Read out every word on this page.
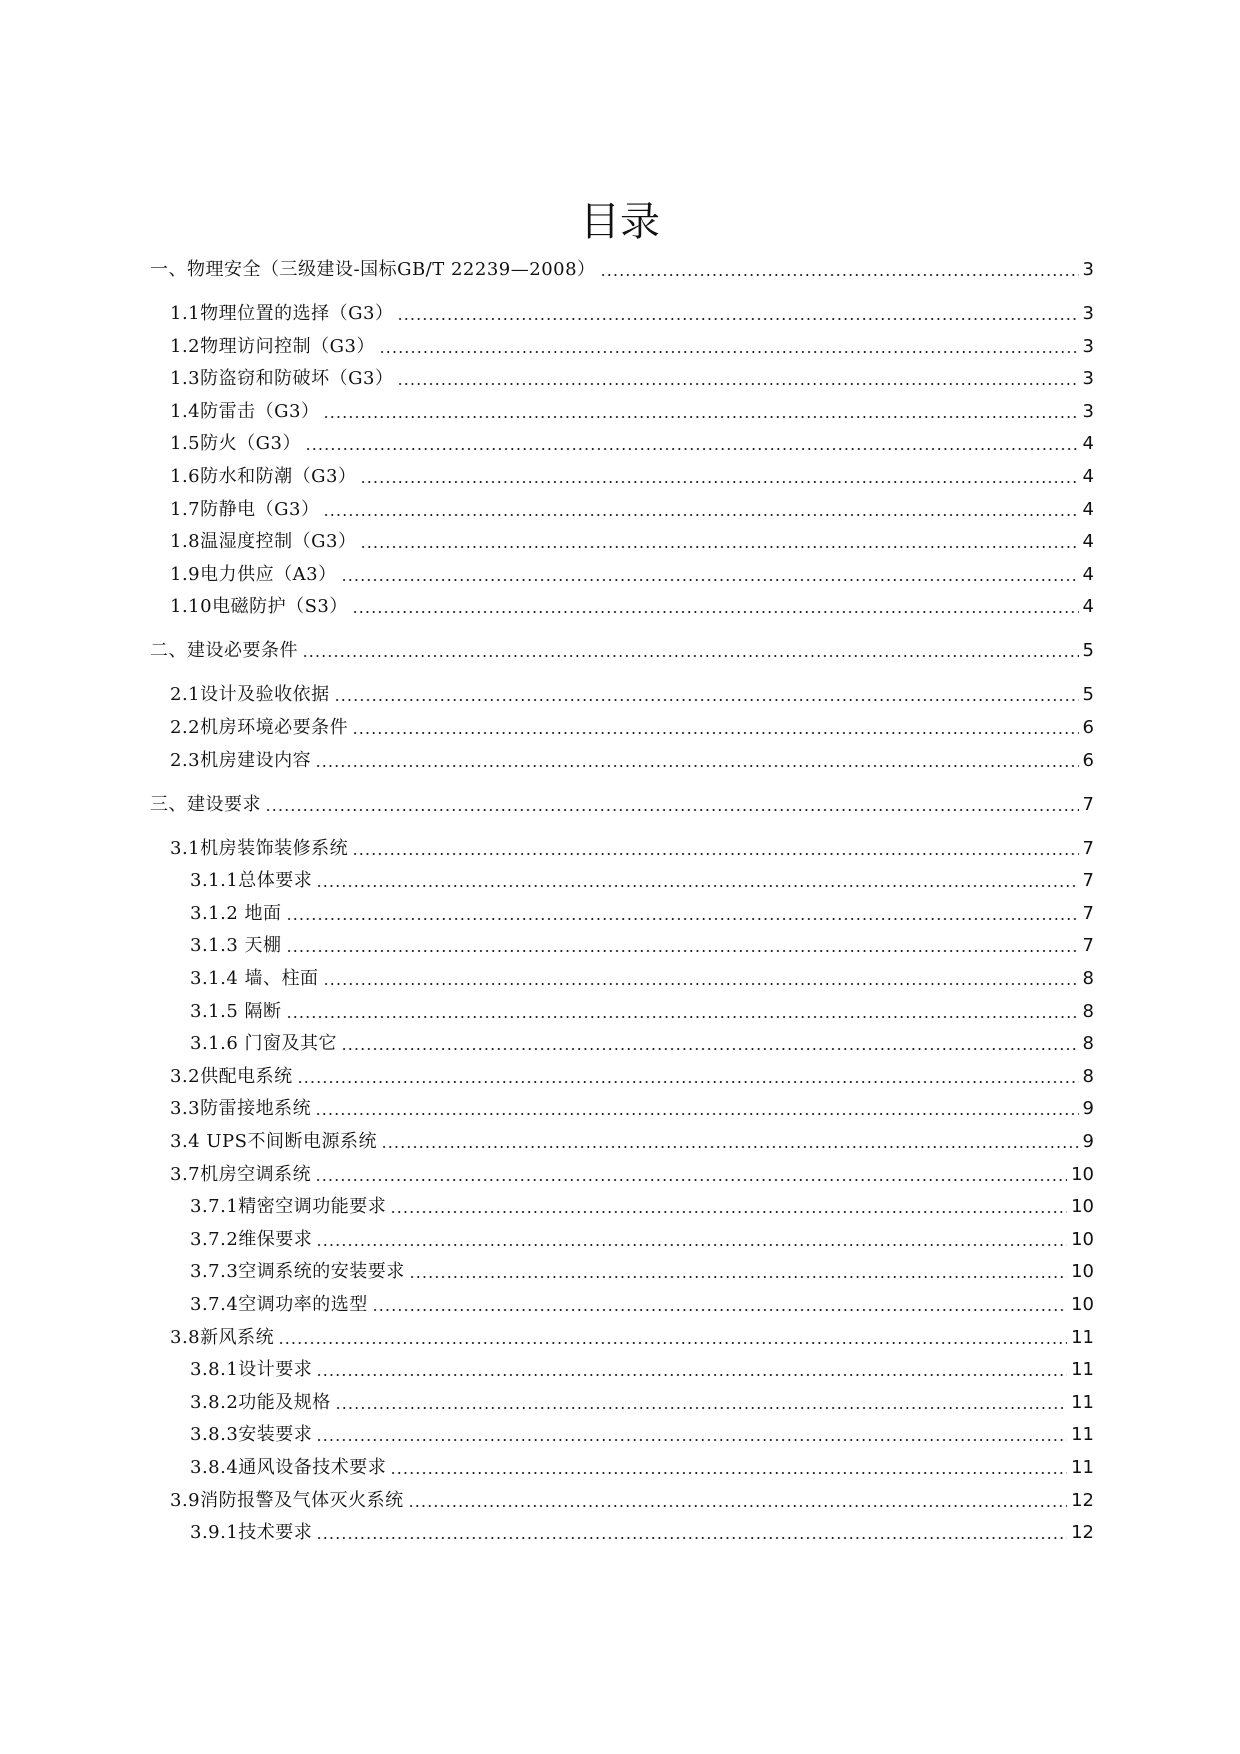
目录
一、物理安全（三级建设-国标GB/T 22239—2008）	3
1.1物理位置的选择（G3）	3
1.2物理访问控制（G3）	3
1.3防盗窃和防破坏（G3）	3
1.4防雷击（G3）	3
1.5防火（G3）	4
1.6防水和防潮（G3）	4
1.7防静电（G3）	4
1.8温湿度控制（G3）	4
1.9电力供应（A3）	4
1.10电磁防护（S3）	4
二、建设必要条件	5
2.1设计及验收依据	5
2.2机房环境必要条件	6
2.3机房建设内容	6
三、建设要求	7
3.1机房装饰装修系统	7
3.1.1总体要求	7
3.1.2 地面	7
3.1.3 天棚	7
3.1.4 墙、柱面	8
3.1.5 隔断	8
3.1.6 门窗及其它	8
3.2供配电系统	8
3.3防雷接地系统	9
3.4 UPS不间断电源系统	9
3.7机房空调系统	10
3.7.1精密空调功能要求	10
3.7.2维保要求	10
3.7.3空调系统的安装要求	10
3.7.4空调功率的选型	10
3.8新风系统	11
3.8.1设计要求	11
3.8.2功能及规格	11
3.8.3安装要求	11
3.8.4通风设备技术要求	11
3.9消防报警及气体灭火系统	12
3.9.1技术要求	12
